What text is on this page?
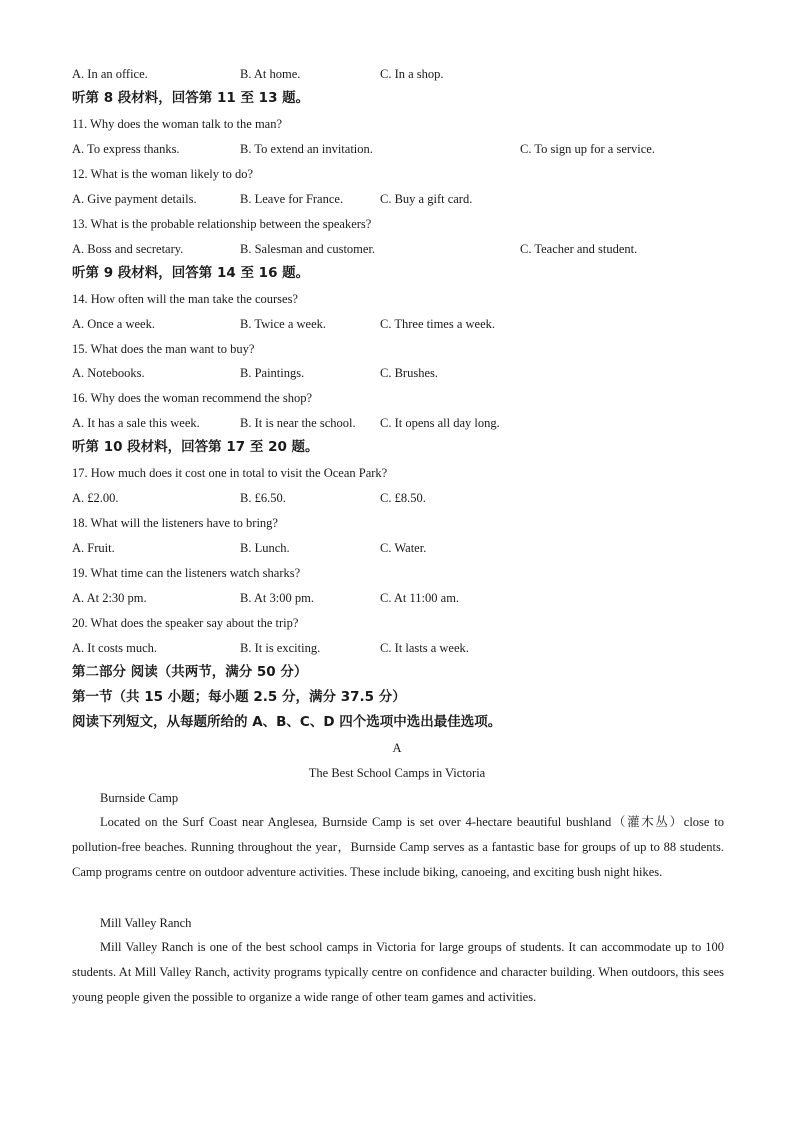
A. In an office.	B. At home.	C. In a shop.
听第 8 段材料，回答第 11 至 13 题。
11. Why does the woman talk to the man?
A. To express thanks.	B. To extend an invitation.	C. To sign up for a service.
12. What is the woman likely to do?
A. Give payment details.	B. Leave for France.	C. Buy a gift card.
13. What is the probable relationship between the speakers?
A. Boss and secretary.	B. Salesman and customer.	C. Teacher and student.
听第 9 段材料，回答第 14 至 16 题。
14. How often will the man take the courses?
A. Once a week.	B. Twice a week.	C. Three times a week.
15. What does the man want to buy?
A. Notebooks.	B. Paintings.	C. Brushes.
16. Why does the woman recommend the shop?
A. It has a sale this week.	B. It is near the school. C. It opens all day long.
听第 10 段材料，回答第 17 至 20 题。
17. How much does it cost one in total to visit the Ocean Park?
A. £2.00.	B. £6.50.	C. £8.50.
18. What will the listeners have to bring?
A. Fruit.	B. Lunch.	C. Water.
19. What time can the listeners watch sharks?
A. At 2:30 pm.	B. At 3:00 pm.	C. At 11:00 am.
20. What does the speaker say about the trip?
A. It costs much.	B. It is exciting.	C. It lasts a week.
第二部分 阅读（共两节，满分 50 分）
第一节（共 15 小题；每小题 2.5 分，满分 37.5 分）
阅读下列短文，从每题所给的 A、B、C、D 四个选项中选出最佳选项。
A
The Best School Camps in Victoria
Burnside Camp
Located on the Surf Coast near Anglesea, Burnside Camp is set over 4-hectare beautiful bushland（灌木丛）close to pollution-free beaches. Running throughout the year，Burnside Camp serves as a fantastic base for groups of up to 88 students. Camp programs centre on outdoor adventure activities. These include biking, canoeing, and exciting bush night hikes.
Mill Valley Ranch
Mill Valley Ranch is one of the best school camps in Victoria for large groups of students. It can accommodate up to 100 students. At Mill Valley Ranch, activity programs typically centre on confidence and character building. When outdoors, this sees young people given the possible to organize a wide range of other team games and activities.
